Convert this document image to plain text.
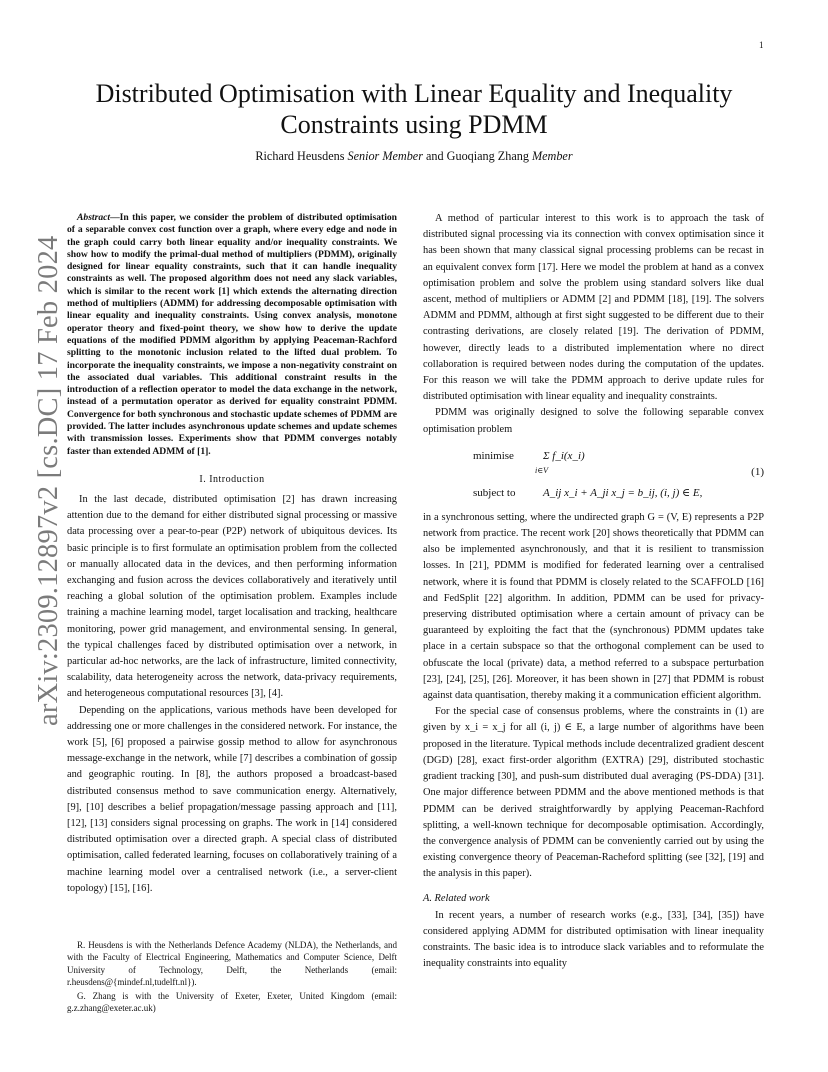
1
arXiv:2309.12897v2 [cs.DC] 17 Feb 2024
Distributed Optimisation with Linear Equality and Inequality Constraints using PDMM
Richard Heusdens Senior Member and Guoqiang Zhang Member

Abstract—In this paper, we consider the problem of distributed optimisation of a separable convex cost function over a graph, where every edge and node in the graph could carry both linear equality and/or inequality constraints. We show how to modify the primal-dual method of multipliers (PDMM), originally designed for linear equality constraints, such that it can handle inequality constraints as well. The proposed algorithm does not need any slack variables, which is similar to the recent work [1] which extends the alternating direction method of multipliers (ADMM) for addressing decomposable optimisation with linear equality and inequality constraints. Using convex analysis, monotone operator theory and fixed-point theory, we show how to derive the update equations of the modified PDMM algorithm by applying Peaceman-Rachford splitting to the monotonic inclusion related to the lifted dual problem. To incorporate the inequality constraints, we impose a non-negativity constraint on the associated dual variables. This additional constraint results in the introduction of a reflection operator to model the data exchange in the network, instead of a permutation operator as derived for equality constraint PDMM. Convergence for both synchronous and stochastic update schemes of PDMM are provided. The latter includes asynchronous update schemes and update schemes with transmission losses. Experiments show that PDMM converges notably faster than extended ADMM of [1].

I. Introduction

In the last decade, distributed optimisation [2] has drawn increasing attention due to the demand for either distributed signal processing or massive data processing over a pear-to-pear (P2P) network of ubiquitous devices. Its basic principle is to first formulate an optimisation problem from the collected or manually allocated data in the devices, and then performing information exchanging and fusion across the devices collaboratively and iteratively until reaching a global solution of the optimisation problem. Examples include training a machine learning model, target localisation and tracking, healthcare monitoring, power grid management, and environmental sensing. In general, the typical challenges faced by distributed optimisation over a network, in particular ad-hoc networks, are the lack of infrastructure, limited connectivity, scalability, data heterogeneity across the network, data-privacy requirements, and heterogeneous computational resources [3], [4].

Depending on the applications, various methods have been developed for addressing one or more challenges in the considered network. For instance, the work [5], [6] proposed a pairwise gossip method to allow for asynchronous message-exchange in the network, while [7] describes a combination of gossip and geographic routing. In [8], the authors proposed a broadcast-based distributed consensus method to save communication energy. Alternatively, [9], [10] describes a belief propagation/message passing approach and [11], [12], [13] considers signal processing on graphs. The work in [14] considered distributed optimisation over a directed graph. A special class of distributed optimisation, called federated learning, focuses on collaboratively training of a machine learning model over a centralised network (i.e., a server-client topology) [15], [16].

R. Heusdens is with the Netherlands Defence Academy (NLDA), the Netherlands, and with the Faculty of Electrical Engineering, Mathematics and Computer Science, Delft University of Technology, Delft, the Netherlands (email: r.heusdens@{mindef.nl,tudelft.nl}).

G. Zhang is with the University of Exeter, Exeter, United Kingdom (email: g.z.zhang@exeter.ac.uk)

A method of particular interest to this work is to approach the task of distributed signal processing via its connection with convex optimisation since it has been shown that many classical signal processing problems can be recast in an equivalent convex form [17]. Here we model the problem at hand as a convex optimisation problem and solve the problem using standard solvers like dual ascent, method of multipliers or ADMM [2] and PDMM [18], [19]. The solvers ADMM and PDMM, although at first sight suggested to be different due to their contrasting derivations, are closely related [19]. The derivation of PDMM, however, directly leads to a distributed implementation where no direct collaboration is required between nodes during the computation of the updates. For this reason we will take the PDMM approach to derive update rules for distributed optimisation with linear equality and inequality constraints.

PDMM was originally designed to solve the following separable convex optimisation problem

minimise	Σ f_i(x_i)
i∈V
subject to	A_ij x_i + A_ji x_j = b_ij, (i, j) ∈ E,
(1)

in a synchronous setting, where the undirected graph G = (V, E) represents a P2P network from practice. The recent work [20] shows theoretically that PDMM can also be implemented asynchronously, and that it is resilient to transmission losses. In [21], PDMM is modified for federated learning over a centralised network, where it is found that PDMM is closely related to the SCAFFOLD [16] and FedSplit [22] algorithm. In addition, PDMM can be used for privacy-preserving distributed optimisation where a certain amount of privacy can be guaranteed by exploiting the fact that the (synchronous) PDMM updates take place in a certain subspace so that the orthogonal complement can be used to obfuscate the local (private) data, a method referred to a subspace perturbation [23], [24], [25], [26]. Moreover, it has been shown in [27] that PDMM is robust against data quantisation, thereby making it a communication efficient algorithm.

For the special case of consensus problems, where the constraints in (1) are given by x_i = x_j for all (i, j) ∈ E, a large number of algorithms have been proposed in the literature. Typical methods include decentralized gradient descent (DGD) [28], exact first-order algorithm (EXTRA) [29], distributed stochastic gradient tracking [30], and push-sum distributed dual averaging (PS-DDA) [31]. One major difference between PDMM and the above mentioned methods is that PDMM can be derived straightforwardly by applying Peaceman-Rachford splitting, a well-known technique for decomposable optimisation. Accordingly, the convergence analysis of PDMM can be conveniently carried out by using the existing convergence theory of Peaceman-Racheford splitting (see [32], [19] and the analysis in this paper).

A. Related work

In recent years, a number of research works (e.g., [33], [34], [35]) have considered applying ADMM for distributed optimisation with linear inequality constraints. The basic idea is to introduce slack variables and to reformulate the inequality constraints into equality
